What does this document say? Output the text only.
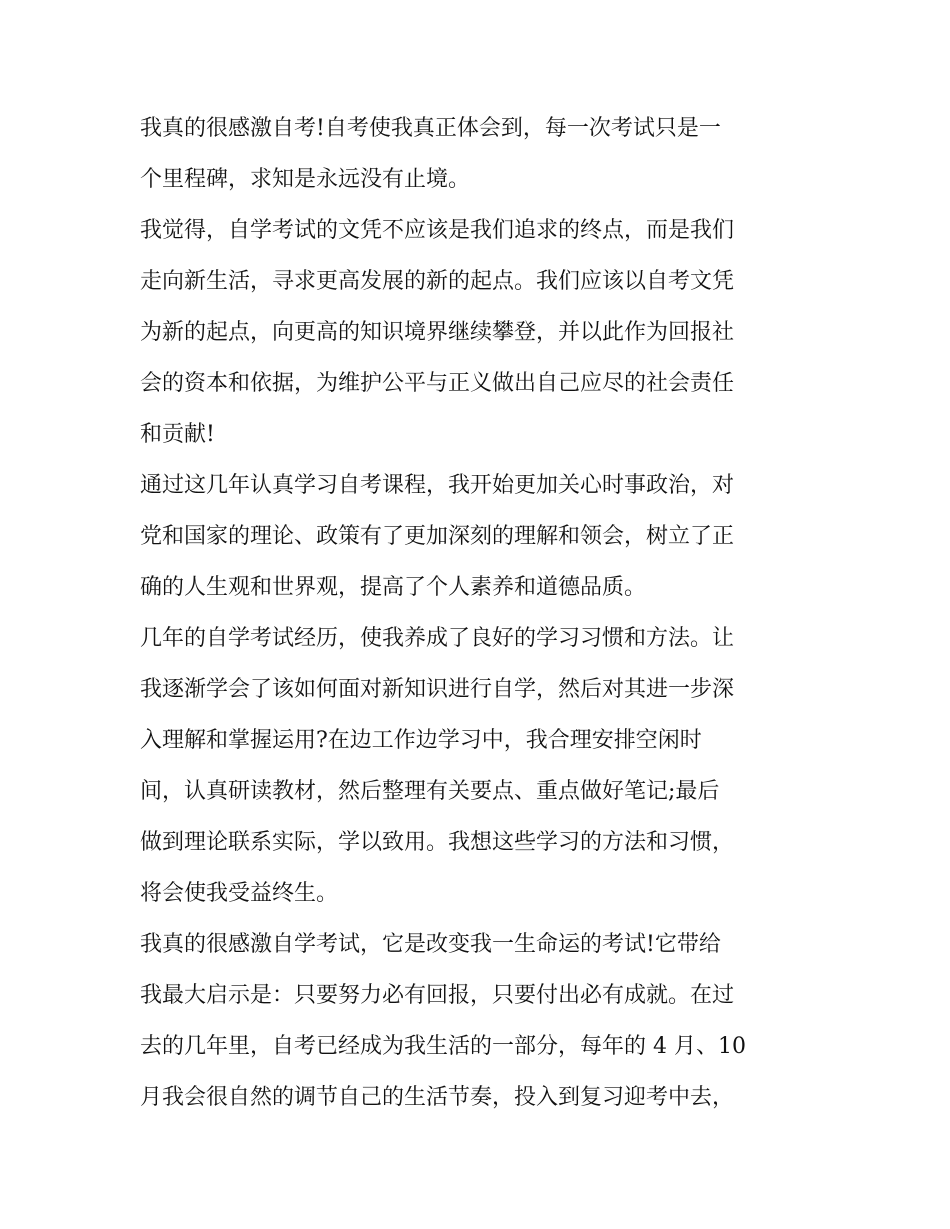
我真的很感激自考!自考使我真正体会到，每一次考试只是一
个里程碑，求知是永远没有止境。
我觉得，自学考试的文凭不应该是我们追求的终点，而是我们
走向新生活，寻求更高发展的新的起点。我们应该以自考文凭
为新的起点，向更高的知识境界继续攀登，并以此作为回报社
会的资本和依据，为维护公平与正义做出自己应尽的社会责任
和贡献!
通过这几年认真学习自考课程，我开始更加关心时事政治，对
党和国家的理论、政策有了更加深刻的理解和领会，树立了正
确的人生观和世界观，提高了个人素养和道德品质。
几年的自学考试经历，使我养成了良好的学习习惯和方法。让
我逐渐学会了该如何面对新知识进行自学，然后对其进一步深
入理解和掌握运用?在边工作边学习中，我合理安排空闲时
间，认真研读教材，然后整理有关要点、重点做好笔记;最后
做到理论联系实际，学以致用。我想这些学习的方法和习惯，
将会使我受益终生。
我真的很感激自学考试，它是改变我一生命运的考试!它带给
我最大启示是：只要努力必有回报，只要付出必有成就。在过
去的几年里，自考已经成为我生活的一部分，每年的 4 月、10
月我会很自然的调节自己的生活节奏，投入到复习迎考中去，
